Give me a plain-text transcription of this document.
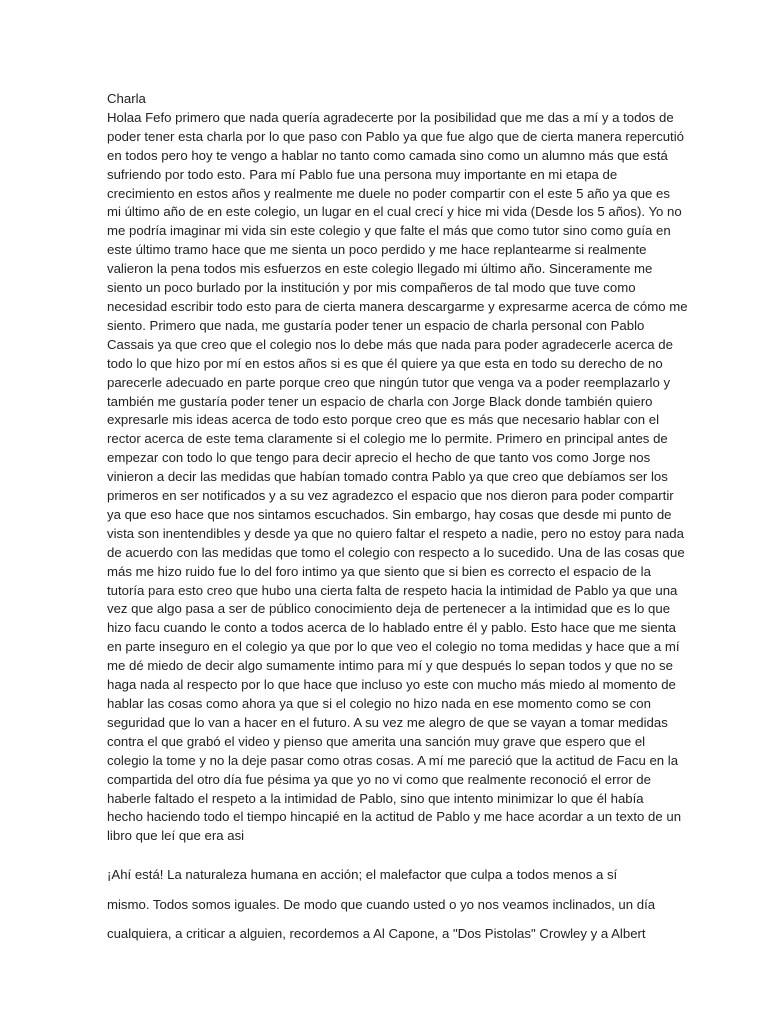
Charla
Holaa Fefo primero que nada quería agradecerte por la posibilidad que me das a mí y a todos de
poder tener esta charla por lo que paso con Pablo ya que fue algo que de cierta manera repercutió
en todos pero hoy te vengo a hablar no tanto como camada sino como un alumno más que está
sufriendo por todo esto. Para mí Pablo fue una persona muy importante en mi etapa de
crecimiento en estos años y realmente me duele no poder compartir con el este 5 año ya que es
mi último año de en este colegio, un lugar en el cual crecí y hice mi vida (Desde los 5 años). Yo no
me podría imaginar mi vida sin este colegio y que falte el más que como tutor sino como guía en
este último tramo hace que me sienta un poco perdido y me hace replantearme si realmente
valieron la pena todos mis esfuerzos en este colegio llegado mi último año. Sinceramente me
siento un poco burlado por la institución y por mis compañeros de tal modo que tuve como
necesidad escribir todo esto para de cierta manera descargarme y expresarme acerca de cómo me
siento. Primero que nada, me gustaría poder tener un espacio de charla personal con Pablo
Cassais ya que creo que el colegio nos lo debe más que nada para poder agradecerle acerca de
todo lo que hizo por mí en estos años si es que él quiere ya que esta en todo su derecho de no
parecerle adecuado en parte porque creo que ningún tutor que venga va a poder reemplazarlo y
también me gustaría poder tener un espacio de charla con Jorge Black donde también quiero
expresarle mis ideas acerca de todo esto porque creo que es más que necesario hablar con el
rector acerca de este tema claramente si el colegio me lo permite. Primero en principal antes de
empezar con todo lo que tengo para decir aprecio el hecho de que tanto vos como Jorge nos
vinieron a decir las medidas que habían tomado contra Pablo ya que creo que debíamos ser los
primeros en ser notificados y a su vez agradezco el espacio que nos dieron para poder compartir
ya que eso hace que nos sintamos escuchados. Sin embargo, hay cosas que desde mi punto de
vista son inentendibles y desde ya que no quiero faltar el respeto a nadie, pero no estoy para nada
de acuerdo con las medidas que tomo el colegio con respecto a lo sucedido. Una de las cosas que
más me hizo ruido fue lo del foro intimo ya que siento que si bien es correcto el espacio de la
tutoría para esto creo que hubo una cierta falta de respeto hacia la intimidad de Pablo ya que una
vez que algo pasa a ser de público conocimiento deja de pertenecer a la intimidad que es lo que
hizo facu cuando le conto a todos acerca de lo hablado entre él y pablo. Esto hace que me sienta
en parte inseguro en el colegio ya que por lo que veo el colegio no toma medidas y hace que a mí
me dé miedo de decir algo sumamente intimo para mí y que después lo sepan todos y que no se
haga nada al respecto por lo que hace que incluso yo este con mucho más miedo al momento de
hablar las cosas como ahora ya que si el colegio no hizo nada en ese momento como se con
seguridad que lo van a hacer en el futuro. A su vez me alegro de que se vayan a tomar medidas
contra el que grabó el video y pienso que amerita una sanción muy grave que espero que el
colegio la tome y no la deje pasar como otras cosas. A mí me pareció que la actitud de Facu en la
compartida del otro día fue pésima ya que yo no vi como que realmente reconoció el error de
haberle faltado el respeto a la intimidad de Pablo, sino que intento minimizar lo que él había
hecho haciendo todo el tiempo hincapié en la actitud de Pablo y me hace acordar a un texto de un
libro que leí que era asi
¡Ahí está! La naturaleza humana en acción; el malefactor que culpa a todos menos a sí
mismo. Todos somos iguales. De modo que cuando usted o yo nos veamos inclinados, un día
cualquiera, a criticar a alguien, recordemos a Al Capone, a "Dos Pistolas" Crowley y a Albert
